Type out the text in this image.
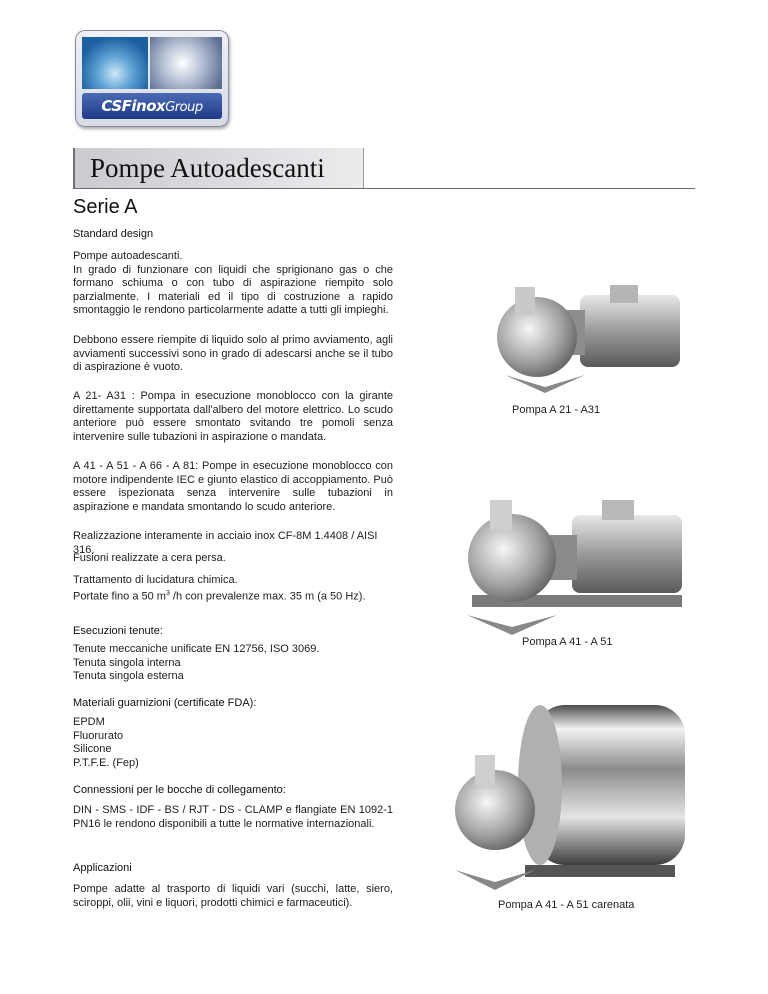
CSFinoxGroup
Pompe Autoadescanti
Serie A
Standard design
Pompe autoadescanti.
In grado di funzionare con liquidi che sprigionano gas o che formano schiuma o con tubo di aspirazione riempito solo parzialmente. I materiali ed il tipo di costruzione a rapido smontaggio le rendono particolarmente adatte a tutti gli impieghi.
Debbono essere riempite di liquido solo al primo avviamento, agli avviamenti successivi sono in grado di adescarsi anche se il tubo di aspirazione è vuoto.
A 21- A31 : Pompa in esecuzione monoblocco con la girante direttamente supportata dall'albero del motore elettrico. Lo scudo anteriore può essere smontato svitando tre pomoli senza intervenire sulle tubazioni in aspirazione o mandata.
A 41 - A 51 - A 66 - A 81: Pompe in esecuzione monoblocco con motore indipendente IEC e giunto elastico di accoppiamento. Può essere ispezionata senza intervenire sulle tubazioni in aspirazione e mandata smontando lo scudo anteriore.
Realizzazione interamente in acciaio inox CF-8M 1.4408 / AISI 316.
Fusioni realizzate a cera persa.
Trattamento di lucidatura chimica.
Portate fino a 50 $m^3$ /h con prevalenze max. 35 m (a 50 Hz).
Esecuzioni tenute:
Tenute meccaniche unificate EN 12756, ISO 3069.
Tenuta singola interna
Tenuta singola esterna
Materiali guarnizioni (certificate FDA):
EPDM
Fluorurato
Silicone
P.T.F.E. (Fep)
Connessioni per le bocche di collegamento:
DIN - SMS - IDF - BS / RJT - DS - CLAMP e flangiate EN 1092-1 PN16 le rendono disponibili a tutte le normative internazionali.
Applicazioni
Pompe adatte al trasporto di liquidi vari (succhi, latte, siero, sciroppi, olii, vini e liquori, prodotti chimici e farmaceutici).
Pompa A 21 - A31
Pompa A 41 - A 51
Pompa A 41 - A 51 carenata
